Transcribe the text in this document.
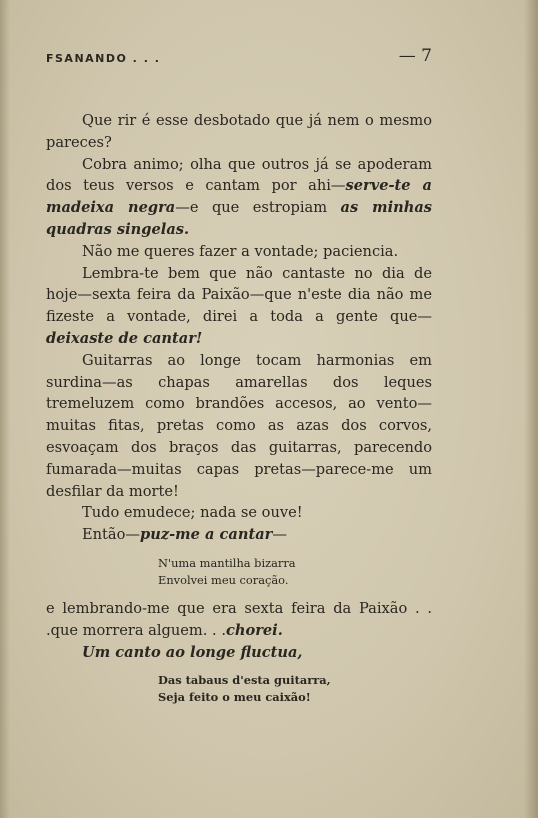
FSANANDO . . .	— 7

Que rir é esse desbotado que já nem o mesmo pareces?

Cobra animo; olha que outros já se apoderam dos teus versos e cantam por ahi—serve-te a madeixa negra—e que estropiam as minhas quadras singelas.

Não me queres fazer a vontade; paciencia.

Lembra-te bem que não cantaste no dia de hoje—sexta feira da Paixão—que n'este dia não me fizeste a vontade, direi a toda a gente que—deixaste de cantar!

Guitarras ao longe tocam harmonias em surdina—as chapas amarellas dos leques tremeluzem como brandões accesos, ao vento—muitas fitas, pretas como as azas dos corvos, esvoaçam dos braços das guitarras, parecendo fumarada—muitas capas pretas—parece-me um desfilar da morte!

Tudo emudece; nada se ouve!

Então—puz-me a cantar—

N'uma mantilha bizarra
Envolvei meu coração.

e lembrando-me que era sexta feira da Paixão . . .que morrera alguem. . .chorei.

Um canto ao longe fluctua,

Das tabaus d'esta guitarra,
Seja feito o meu caixão!
